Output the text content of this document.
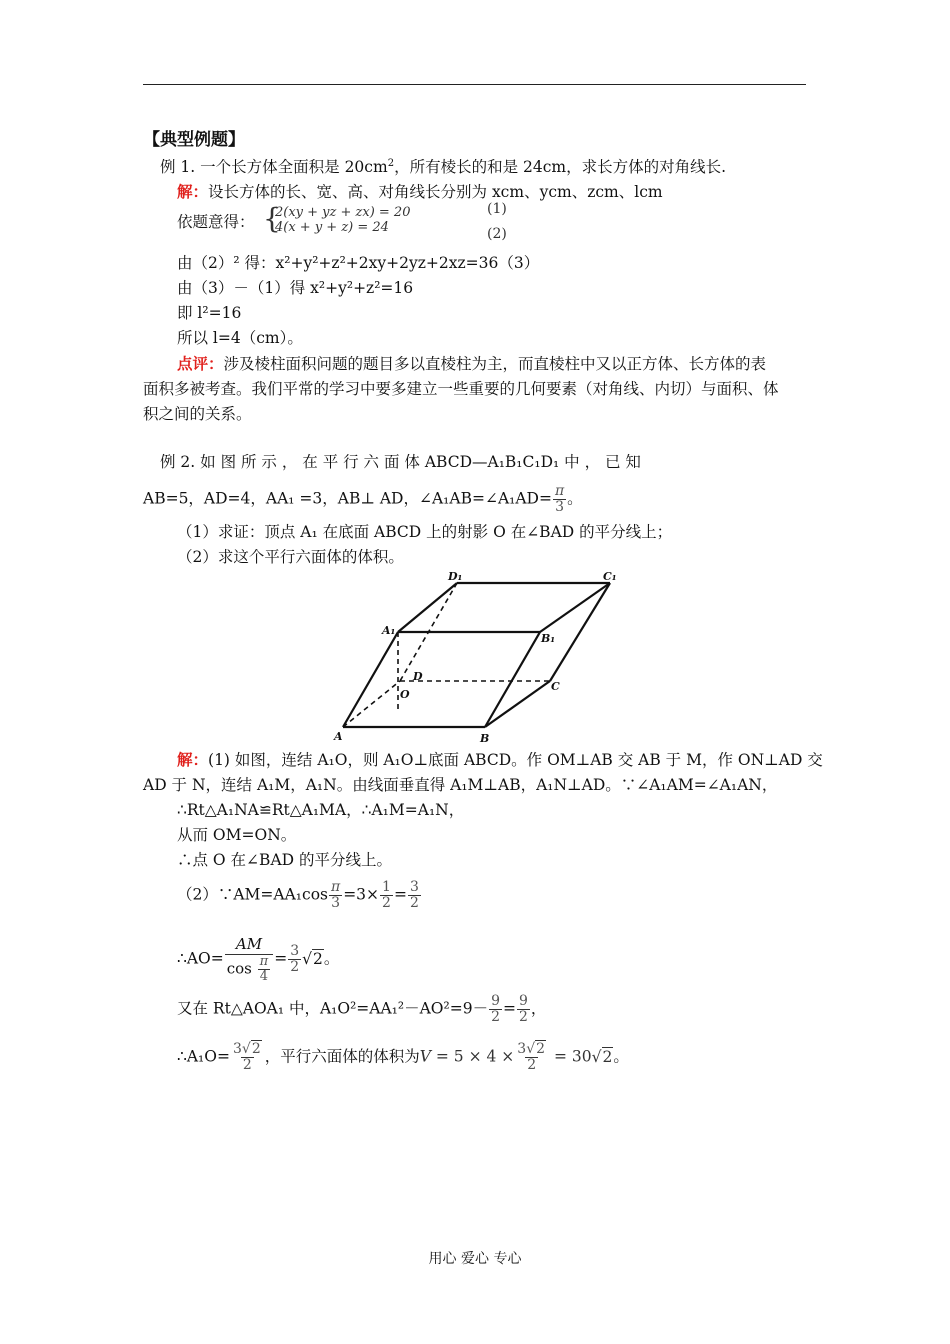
【典型例题】
例 1. 一个长方体全面积是 $20cm^2$，所有棱长的和是 24cm，求长方体的对角线长.
解：设长方体的长、宽、高、对角线长分别为 xcm、ycm、zcm、lcm
依题意得： {
2(xy + yz + zx) = 20
4(x + y + z) = 24
(1)
(2)
由（2）² 得：x²+y²+z²+2xy+2yz+2xz=36（3）
由（3）－（1）得 x²+y²+z²=16
即 l²=16
所以 l=4（cm）。
点评：涉及棱柱面积问题的题目多以直棱柱为主，而直棱柱中又以正方体、长方体的表
面积多被考查。我们平常的学习中要多建立一些重要的几何要素（对角线、内切）与面积、体
积之间的关系。
例 2. 如 图 所 示 ， 在 平 行 六 面 体 ABCD—A₁B₁C₁D₁ 中 ， 已 知
AB=5，AD=4，AA₁ =3，AB⊥ AD，∠A₁AB=∠A₁AD= $\frac{\pi}{3}$ 。
（1）求证：顶点 A₁ 在底面 ABCD 上的射影 O 在∠BAD 的平分线上；
（2）求这个平行六面体的体积。
D₁	C₁
A₁
B₁
D
C
O
A	B
解：(1) 如图，连结 A₁O，则 A₁O⊥底面 ABCD。作 OM⊥AB 交 AB 于 M，作 ON⊥AD 交
AD 于 N，连结 A₁M，A₁N。由线面垂直得 A₁M⊥AB，A₁N⊥AD。∵∠A₁AM=∠A₁AN，
∴Rt△A₁NA≌Rt△A₁MA，∴A₁M=A₁N，
从而 OM=ON。
∴点 O 在∠BAD 的平分线上。
（2）∵AM=AA₁cos $\frac{\pi}{3} =3\times \frac{1}{2} = \frac{3}{2}$
∴AO= $\frac{AM}{\cos \frac{\pi}{4}} = \frac{3}{2} √2$。
又在 Rt△AOA₁ 中，$A_1O^2=AA_1^2-AO^2=9- \frac{9}{2} = \frac{9}{2}$ ，
∴A₁O= $\frac{3√2}{2}$ ，平行六面体的体积为$V = 5 \times 4 \times \frac{3√2}{2} = 30√2$。
用心 爱心 专心
